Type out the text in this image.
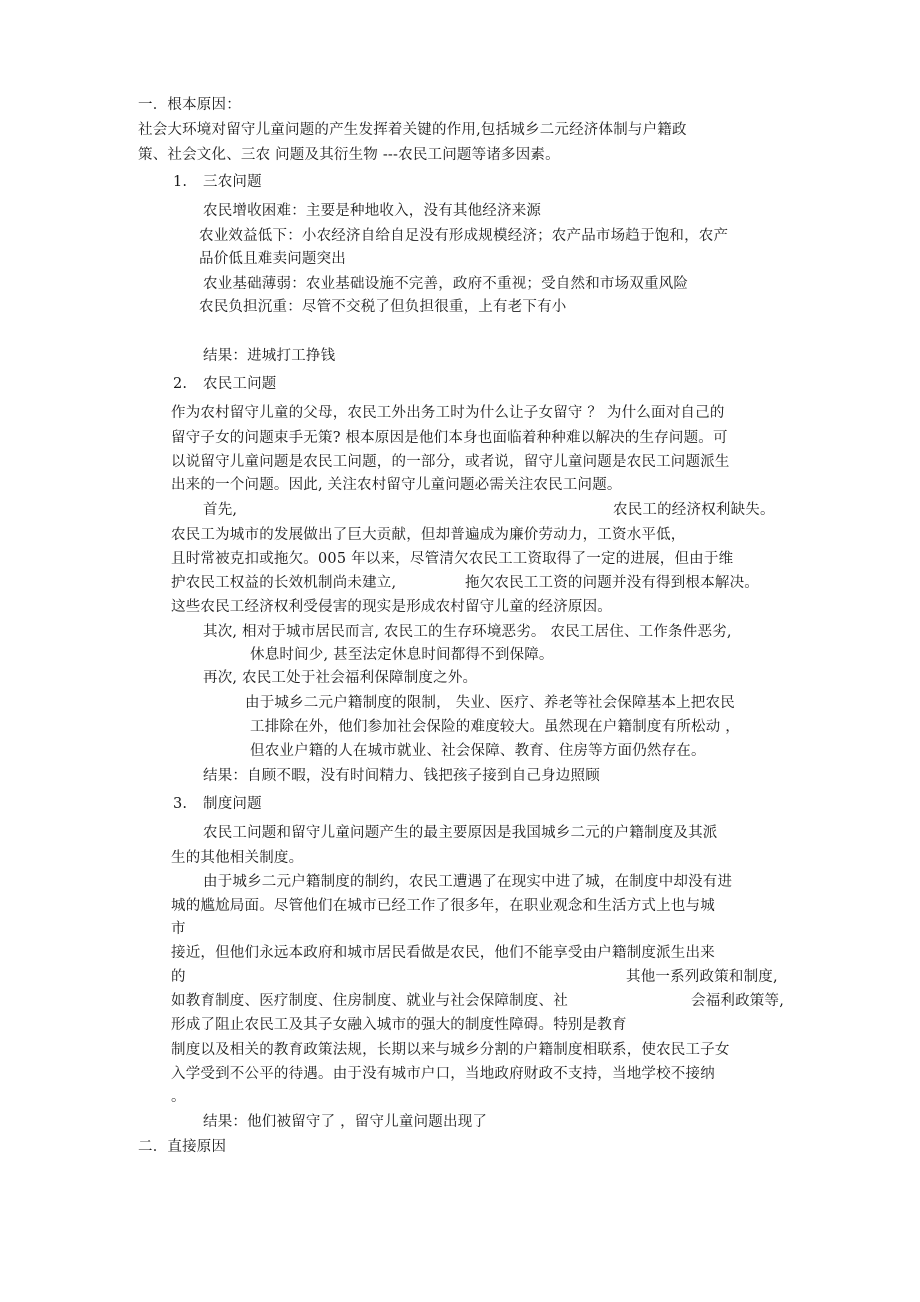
一．根本原因：
社会大环境对留守儿童问题的产生发挥着关键的作用,包括城乡二元经济体制与户籍政
策、社会文化、三农 问题及其衍生物 ---农民工问题等诸多因素。
1. 三农问题
农民增收困难：主要是种地收入，没有其他经济来源
农业效益低下：小农经济自给自足没有形成规模经济；农产品市场趋于饱和，农产
品价低且难卖问题突出
农业基础薄弱：农业基础设施不完善，政府不重视；受自然和市场双重风险
农民负担沉重：尽管不交税了但负担很重，上有老下有小
结果：进城打工挣钱
2. 农民工问题
作为农村留守儿童的父母，农民工外出务工时为什么让子女留守 ？ 为什么面对自己的
留守子女的问题束手无策? 根本原因是他们本身也面临着种种难以解决的生存问题。可
以说留守儿童问题是农民工问题，的一部分，或者说，留守儿童问题是农民工问题派生
出来的一个问题。因此, 关注农村留守儿童问题必需关注农民工问题。
首先,	农民工的经济权利缺失。
农民工为城市的发展做出了巨大贡献，但却普遍成为廉价劳动力，工资水平低，
且时常被克扣或拖欠。005 年以来，尽管清欠农民工工资取得了一定的进展，但由于维
护农民工权益的长效机制尚未建立,	拖欠农民工工资的问题并没有得到根本解决。
这些农民工经济权利受侵害的现实是形成农村留守儿童的经济原因。
其次, 相对于城市居民而言, 农民工的生存环境恶劣。 农民工居住、工作条件恶劣,
休息时间少, 甚至法定休息时间都得不到保障。
再次, 农民工处于社会福利保障制度之外。
由于城乡二元户籍制度的限制， 失业、医疗、养老等社会保障基本上把农民
工排除在外，他们参加社会保险的难度较大。虽然现在户籍制度有所松动 ，
但农业户籍的人在城市就业、社会保障、教育、住房等方面仍然存在。
结果：自顾不暇，没有时间精力、钱把孩子接到自己身边照顾
3. 制度问题
农民工问题和留守儿童问题产生的最主要原因是我国城乡二元的户籍制度及其派
生的其他相关制度。
由于城乡二元户籍制度的制约，农民工遭遇了在现实中进了城，在制度中却没有进
城的尴尬局面。尽管他们在城市已经工作了很多年，在职业观念和生活方式上也与城
市
接近，但他们永远本政府和城市居民看做是农民，他们不能享受由户籍制度派生出来
的	其他一系列政策和制度,
如教育制度、医疗制度、住房制度、就业与社会保障制度、社	会福利政策等,
形成了阻止农民工及其子女融入城市的强大的制度性障碍。特别是教育
制度以及相关的教育政策法规，长期以来与城乡分割的户籍制度相联系，使农民工子女
入学受到不公平的待遇。由于没有城市户口，当地政府财政不支持，当地学校不接纳
。
结果：他们被留守了 ，留守儿童问题出现了
二．直接原因
